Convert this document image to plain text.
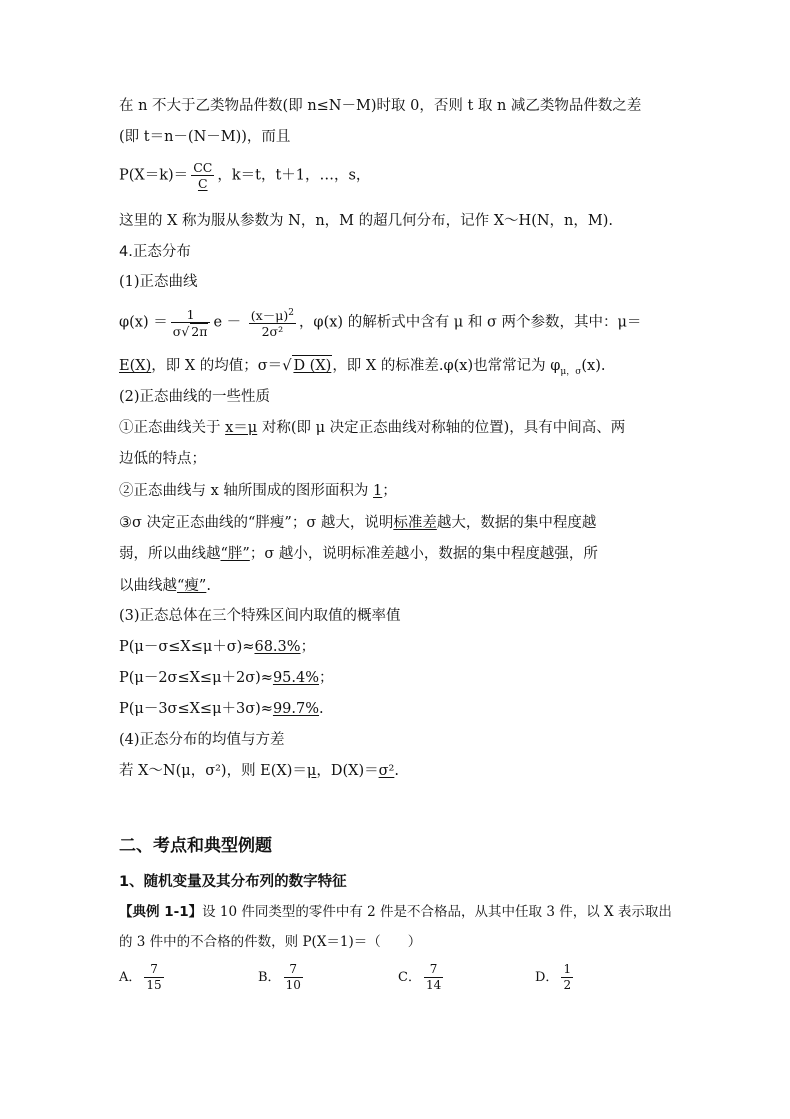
在 n 不大于乙类物品件数(即 n≤N－M)时取 0，否则 t 取 n 减乙类物品件数之差
(即 t＝n－(N－M))，而且
$P(X=k)= \frac{CC}{C}$ ，k＝t，t＋1，…，s，
这里的 X 称为服从参数为 N，n，M 的超几何分布，记作 X～H(N，n，M).
4.正态分布
(1)正态曲线
$\varphi(x) = \frac{1}{\sigma√ 2\pi}$ $e - \frac{(x-\mu)^2}{\text{2σ²}}$ ，φ(x) 的解析式中含有 μ 和 σ 两个参数，其中：μ＝
E(X)，即 X 的均值；σ＝√ D (X)，即 X 的标准差.φ(x)也常常记为 $\varphi_{\mu,\sigma}(x)$.
(2)正态曲线的一些性质
①正态曲线关于 x＝μ 对称(即 μ 决定正态曲线对称轴的位置)，具有中间高、两
边低的特点；
②正态曲线与 x 轴所围成的图形面积为 1；
③σ 决定正态曲线的“胖瘦”；σ 越大，说明标准差越大，数据的集中程度越
弱，所以曲线越“胖”；σ 越小，说明标准差越小，数据的集中程度越强，所
以曲线越“瘦”.
(3)正态总体在三个特殊区间内取值的概率值
P(μ－σ≤X≤μ＋σ)≈68.3%；
P(μ－2σ≤X≤μ＋2σ)≈95.4%；
P(μ－3σ≤X≤μ＋3σ)≈99.7%.
(4)正态分布的均值与方差
若 X～N(μ，σ²)，则 E(X)＝μ，D(X)＝σ².
二、考点和典型例题
1、随机变量及其分布列的数字特征
【典例 1-1】设 10 件同类型的零件中有 2 件是不合格品，从其中任取 3 件，以 X 表示取出
的 3 件中的不合格的件数，则 P(X＝1)＝（　　）
A． $\frac{7}{15}$	B． $\frac{7}{10}$	C． $\frac{7}{14}$	D． $\frac{1}{2}$
